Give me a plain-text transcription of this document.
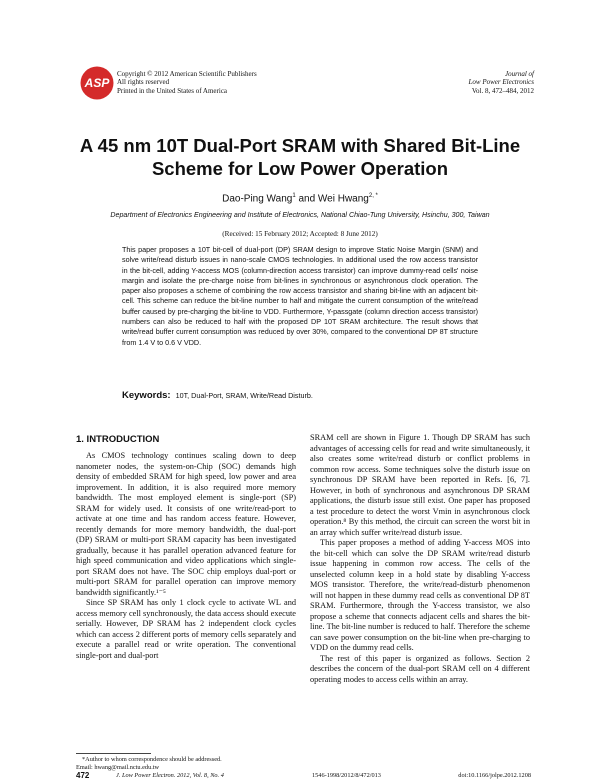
ASP
Copyright © 2012 American Scientific Publishers
All rights reserved
Printed in the United States of America
Journal of
Low Power Electronics
Vol. 8, 472–484, 2012
A 45 nm 10T Dual-Port SRAM with Shared Bit-Line
Scheme for Low Power Operation
Dao-Ping Wang$^1$ and Wei Hwang$^{2, *}$
Department of Electronics Engineering and Institute of Electronics, National Chiao-Tung University, Hsinchu, 300, Taiwan
(Received: 15 February 2012; Accepted: 8 June 2012)

This paper proposes a 10T bit-cell of dual-port (DP) SRAM design to improve Static Noise Margin (SNM) and solve write/read disturb issues in nano-scale CMOS technologies. In additional used the row access transistor in the bit-cell, adding Y-access MOS (column-direction access transistor) can improve dummy-read cells' noise margin and isolate the pre-charge noise from bit-lines in synchronous or asynchronous clock operation. The paper also proposes a scheme of combining the row access transistor and sharing bit-line with an adjacent bit-cell. This scheme can reduce the bit-line number to half and mitigate the current consumption of the write/read buffer caused by pre-charging the bit-line to VDD. Furthermore, Y-passgate (column direction access transistor) numbers can also be reduced to half with the proposed DP 10T SRAM architecture. The result shows that write/read buffer current consumption was reduced by over 30%, compared to the conventional DP 8T structure from 1.4 V to 0.6 V VDD.

Keywords: 10T, Dual-Port, SRAM, Write/Read Disturb.
1. INTRODUCTION

As CMOS technology continues scaling down to deep nanometer nodes, the system-on-Chip (SOC) demands high density of embedded SRAM for high speed, low power and area improvement. In addition, it is also required more memory bandwidth. The most employed element is single-port (SP) SRAM for widely used. It consists of one write/read-port to activate at one time and has random access feature. However, recently demands for more memory bandwidth, the dual-port (DP) SRAM or multi-port SRAM capacity has been investigated gradually, because it has parallel operation advanced feature for high speed communication and video applications which single-port SRAM does not have. The SOC chip employs dual-port or multi-port SRAM for parallel operation can improve memory bandwidth significantly.¹⁻⁵

Since SP SRAM has only 1 clock cycle to activate WL and access memory cell synchronously, the data access should execute serially. However, DP SRAM has 2 independent clock cycles which can access 2 different ports of memory cells separately and execute a parallel read or write operation. The conventional single-port and dual-port

SRAM cell are shown in Figure 1. Though DP SRAM has such advantages of accessing cells for read and write simultaneously, it also creates some write/read disturb or conflict problems in common row access. Some techniques solve the disturb issue on synchronous DP SRAM have been reported in Refs. [6, 7]. However, in both of synchronous and asynchronous DP SRAM applications, the disturb issue still exist. One paper has proposed a test procedure to detect the worst Vmin in asynchronous clock operation.⁸ By this method, the circuit can screen the worst bit in an array which suffer write/read disturb issue.

This paper proposes a method of adding Y-access MOS into the bit-cell which can solve the DP SRAM write/read disturb issue happening in common row access. The cells of the unselected column keep in a hold state by disabling Y-access MOS transistor. Therefore, the write/read-disturb phenomenon will not happen in these dummy read cells as conventional DP 8T SRAM. Furthermore, through the Y-access transistor, we also propose a scheme that connects adjacent cells and shares the bit-line. The bit-line number is reduced to half. Therefore the scheme can save power consumption on the bit-line when pre-charging to VDD on the dummy read cells.

The rest of this paper is organized as follows. Section 2 describes the concern of the dual-port SRAM cell on 4 different operating modes to access cells within an array.

*Author to whom correspondence should be addressed.
Email: hwang@mail.nctu.edu.tw
472	J. Low Power Electron. 2012, Vol. 8, No. 4	1546-1998/2012/8/472/013	doi:10.1166/jolpe.2012.1208
